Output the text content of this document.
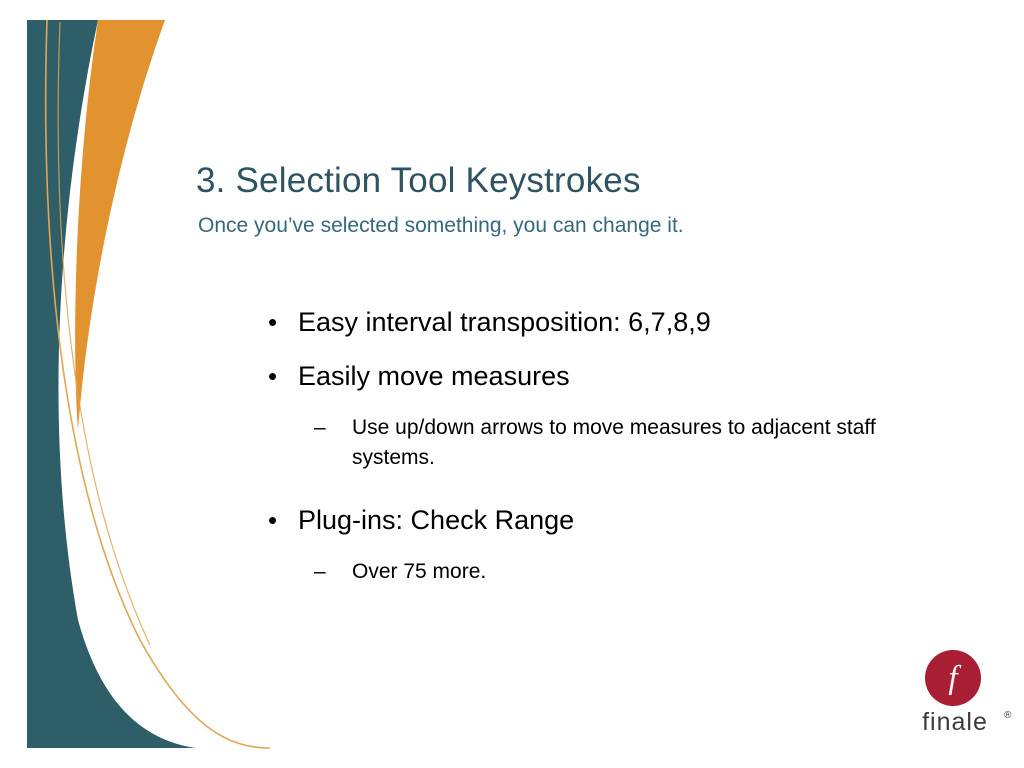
3. Selection Tool Keystrokes
Once you’ve selected something, you can change it.
• Easy interval transposition: 6,7,8,9
• Easily move measures
–	Use up/down arrows to move measures to adjacent staff systems.
• Plug-ins: Check Range
–	Over 75 more.
f
finale	®
